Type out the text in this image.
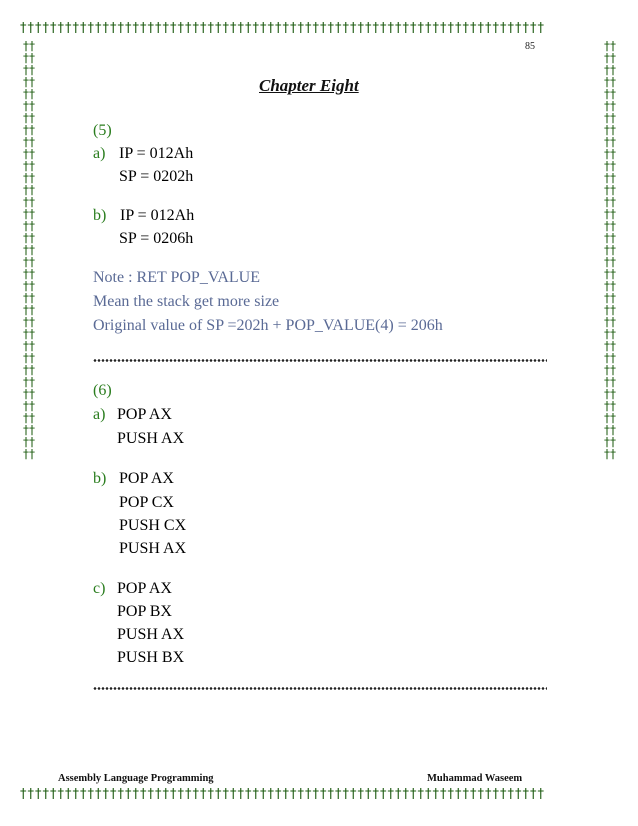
††††††††††††††††††††††††††††††††††††††††††††††††††††††††††††††††††††††
††††††††††††††††††††††††††††††††††††††††††††††††††††††††††††††††††††††
††††††††††††††††††††††††††††††††††††††††††††††††††††††††††††††††††††††
††††††††††††††††††††††††††††††††††††††††††††††††††††††††††††††††††††††
85
Chapter Eight
(5)
a) IP = 012Ah
SP = 0202h
b) IP = 012Ah
SP = 0206h
Note : RET POP_VALUE
Mean the stack get more size
Original value of SP =202h + POP_VALUE(4) = 206h
(6)
a) POP AX
PUSH AX
b) POP AX
POP CX
PUSH CX
PUSH AX
c) POP AX
POP BX
PUSH AX
PUSH BX
Assembly Language Programming	Muhammad Waseem
